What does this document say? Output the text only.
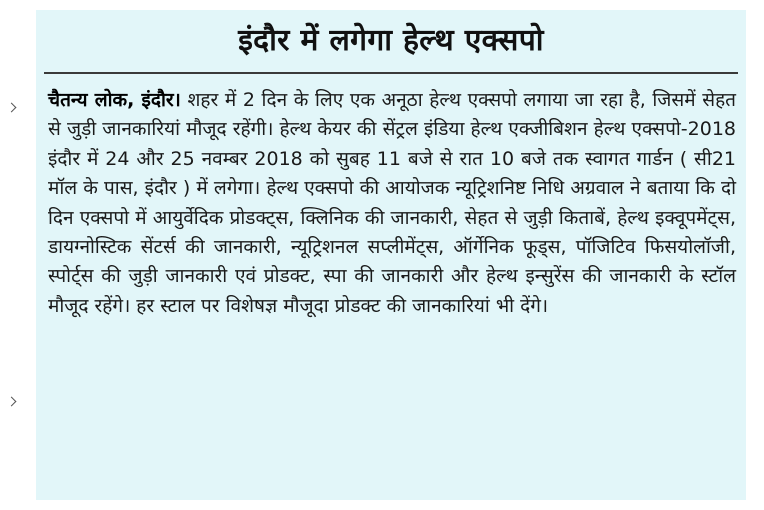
इंदौर में लगेगा हेल्थ एक्सपो
चैतन्य लोक, इंदौर। शहर में 2 दिन के लिए एक अनूठा हेल्थ एक्सपो लगाया जा रहा है, जिसमें सेहत से जुड़ी जानकारियां मौजूद रहेंगी। हेल्थ केयर की सेंट्रल इंडिया हेल्थ एक्जीबिशन हेल्थ एक्सपो-2018 इंदौर में 24 और 25 नवम्बर 2018 को सुबह 11 बजे से रात 10 बजे तक स्वागत गार्डन ( सी21 मॉल के पास, इंदौर ) में लगेगा। हेल्थ एक्सपो की आयोजक न्यूट्रिशनिष्ट निधि अग्रवाल ने बताया कि दो दिन एक्सपो में आयुर्वेदिक प्रोडक्ट्स, क्लिनिक की जानकारी, सेहत से जुड़ी किताबें, हेल्थ इक्वूपमेंट्स, डायग्नोस्टिक सेंटर्स की जानकारी, न्यूट्रिशनल सप्लीमेंट्स, ऑर्गेनिक फूड्स, पॉजिटिव फिसयोलॉजी, स्पोर्ट्स की जुड़ी जानकारी एवं प्रोडक्ट, स्पा की जानकारी और हेल्थ इन्सुरेंस की जानकारी के स्टॉल मौजूद रहेंगे। हर स्टाल पर विशेषज्ञ मौजूदा प्रोडक्ट की जानकारियां भी देंगे।
